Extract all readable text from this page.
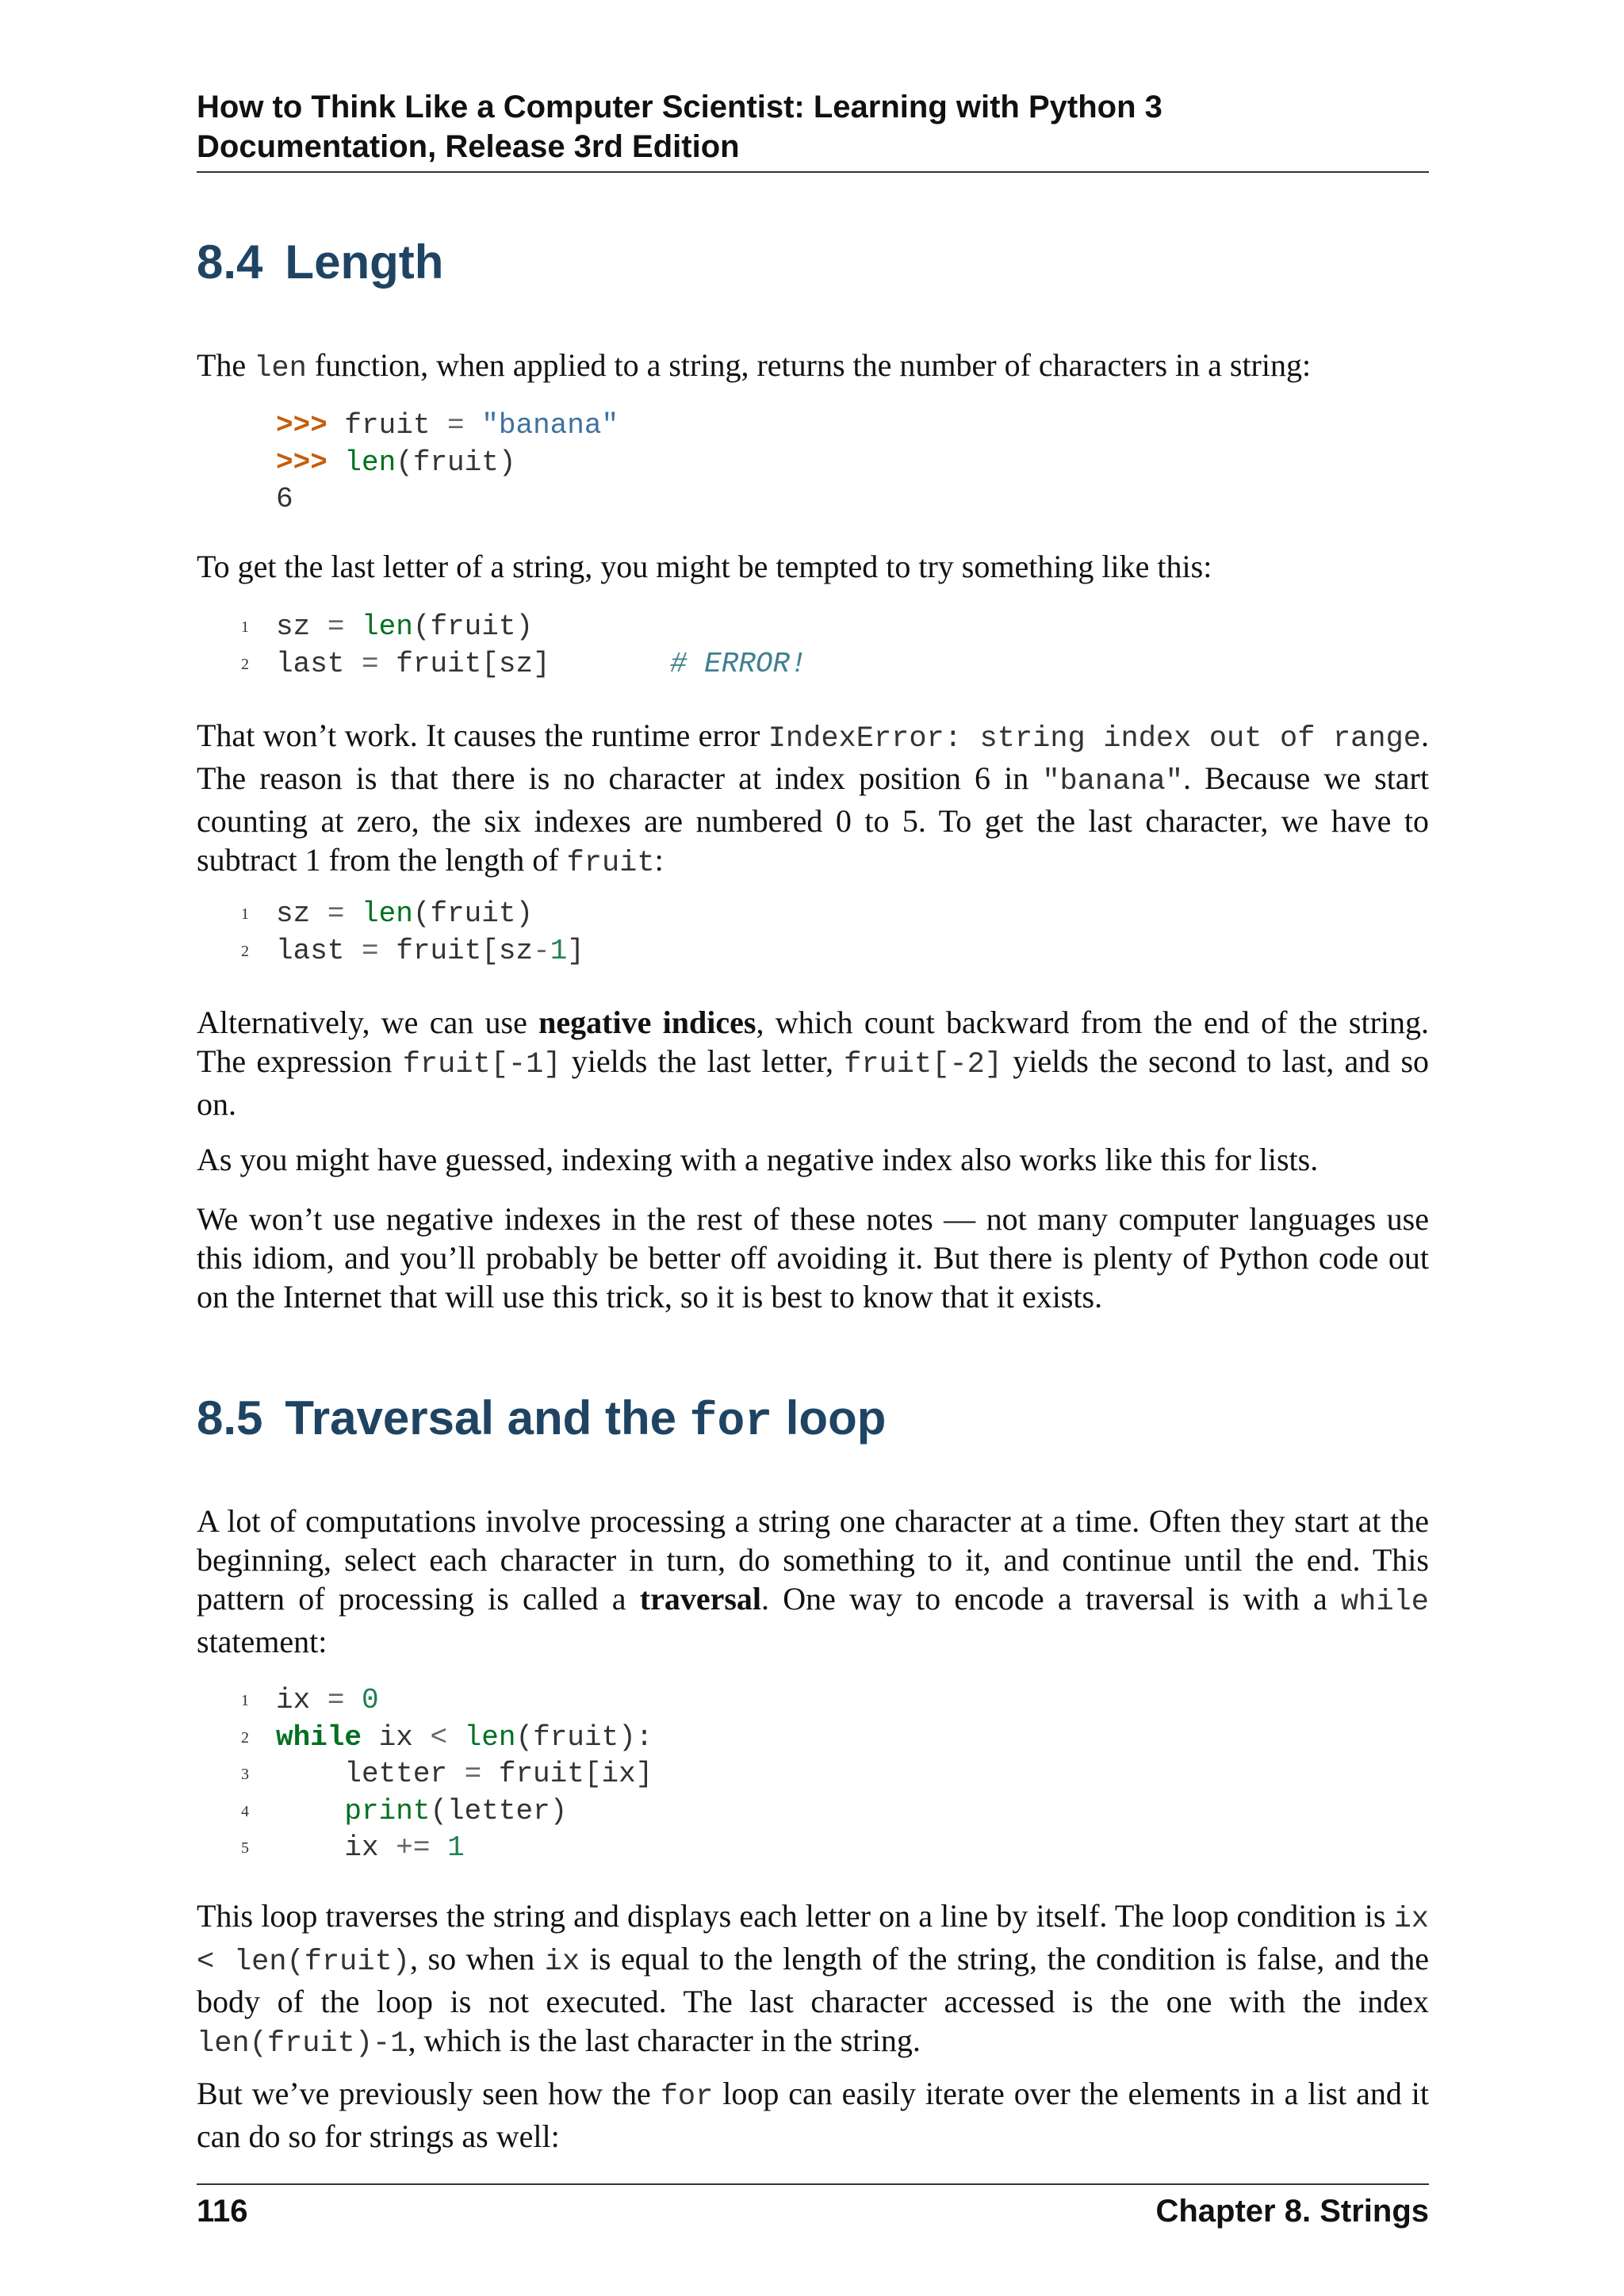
How to Think Like a Computer Scientist: Learning with Python 3
Documentation, Release 3rd Edition
8.4 Length

The len function, when applied to a string, returns the number of characters in a string:

>>> fruit = "banana"
>>> len(fruit)
6

To get the last letter of a string, you might be tempted to try something like this:

1 sz = len(fruit)
2 last = fruit[sz]       # ERROR!

That won’t work. It causes the runtime error IndexError: string index out of range. The reason is that there is no character at index position 6 in "banana". Because we start counting at zero, the six indexes are numbered 0 to 5. To get the last character, we have to subtract 1 from the length of fruit:

1 sz = len(fruit)
2 last = fruit[sz-1]

Alternatively, we can use negative indices, which count backward from the end of the string. The expression fruit[-1] yields the last letter, fruit[-2] yields the second to last, and so on.

As you might have guessed, indexing with a negative index also works like this for lists.

We won’t use negative indexes in the rest of these notes — not many computer languages use this idiom, and you’ll probably be better off avoiding it. But there is plenty of Python code out on the Internet that will use this trick, so it is best to know that it exists.

8.5 Traversal and the for loop

A lot of computations involve processing a string one character at a time. Often they start at the beginning, select each character in turn, do something to it, and continue until the end. This pattern of processing is called a traversal. One way to encode a traversal is with a while statement:

1 ix = 0
2 while ix < len(fruit):
3 letter = fruit[ix]
4	print(letter)
5 ix += 1

This loop traverses the string and displays each letter on a line by itself. The loop condition is ix < len(fruit), so when ix is equal to the length of the string, the condition is false, and the body of the loop is not executed. The last character accessed is the one with the index len(fruit)-1, which is the last character in the string.

But we’ve previously seen how the for loop can easily iterate over the elements in a list and it can do so for strings as well:

116	Chapter 8. Strings
